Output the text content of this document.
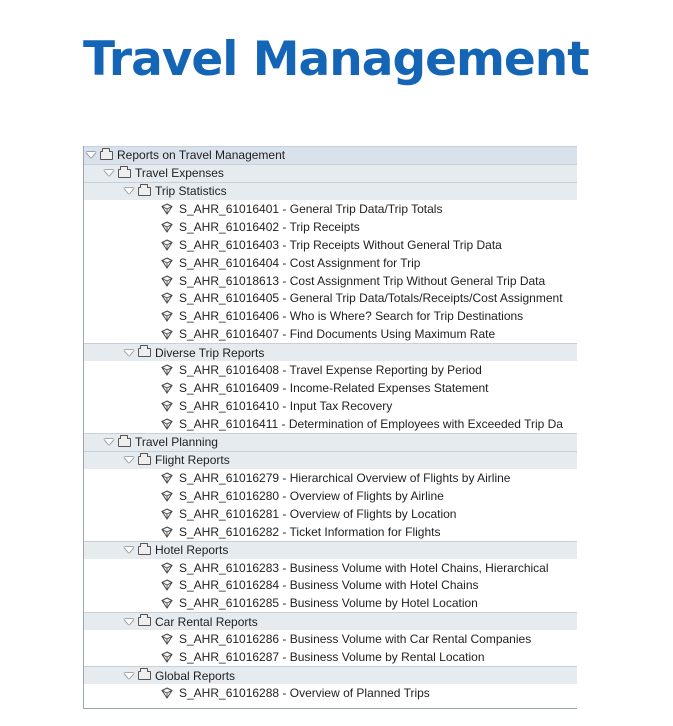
Travel Management
Reports on Travel Management
Travel Expenses
Trip Statistics
S_AHR_61016401 - General Trip Data/Trip Totals
S_AHR_61016402 - Trip Receipts
S_AHR_61016403 - Trip Receipts Without General Trip Data
S_AHR_61016404 - Cost Assignment for Trip
S_AHR_61018613 - Cost Assignment Trip Without General Trip Data
S_AHR_61016405 - General Trip Data/Totals/Receipts/Cost Assignment
S_AHR_61016406 - Who is Where? Search for Trip Destinations
S_AHR_61016407 - Find Documents Using Maximum Rate
Diverse Trip Reports
S_AHR_61016408 - Travel Expense Reporting by Period
S_AHR_61016409 - Income-Related Expenses Statement
S_AHR_61016410 - Input Tax Recovery
S_AHR_61016411 - Determination of Employees with Exceeded Trip Da
Travel Planning
Flight Reports
S_AHR_61016279 - Hierarchical Overview of Flights by Airline
S_AHR_61016280 - Overview of Flights by Airline
S_AHR_61016281 - Overview of Flights by Location
S_AHR_61016282 - Ticket Information for Flights
Hotel Reports
S_AHR_61016283 - Business Volume with Hotel Chains, Hierarchical
S_AHR_61016284 - Business Volume with Hotel Chains
S_AHR_61016285 - Business Volume by Hotel Location
Car Rental Reports
S_AHR_61016286 - Business Volume with Car Rental Companies
S_AHR_61016287 - Business Volume by Rental Location
Global Reports
S_AHR_61016288 - Overview of Planned Trips
